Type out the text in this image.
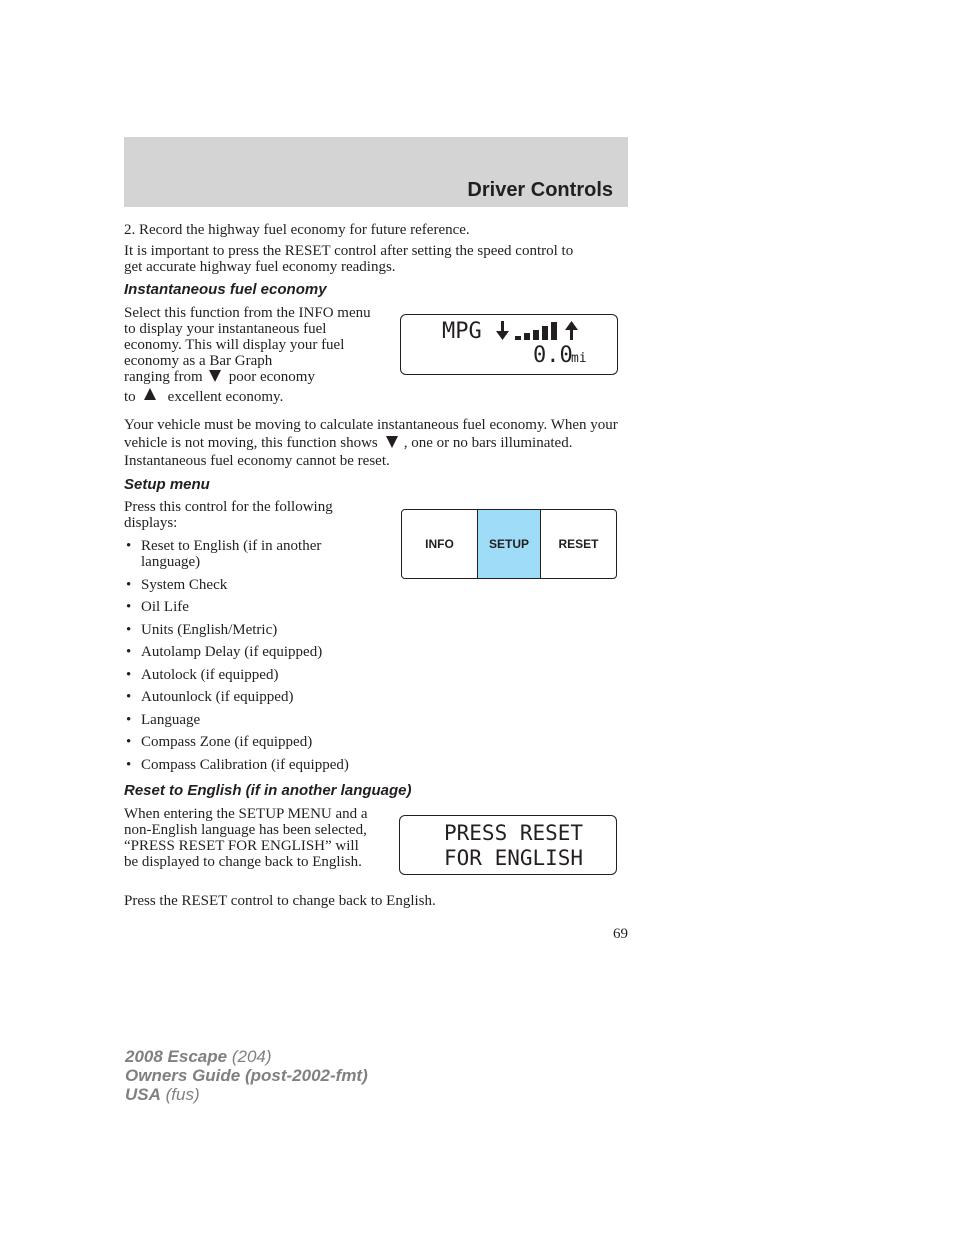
Driver Controls
2. Record the highway fuel economy for future reference.
It is important to press the RESET control after setting the speed control to get accurate highway fuel economy readings.
Instantaneous fuel economy
Select this function from the INFO menu to display your instantaneous fuel economy. This will display your fuel economy as a Bar Graph
ranging from poor economy
to excellent economy.
MPG
0.0
mi
Your vehicle must be moving to calculate instantaneous fuel economy. When your vehicle is not moving, this function shows , one or no bars illuminated. Instantaneous fuel economy cannot be reset.
Setup menu
Press this control for the following displays:
• Reset to English (if in another language)
• System Check
• Oil Life
• Units (English/Metric)
• Autolamp Delay (if equipped)
• Autolock (if equipped)
• Autounlock (if equipped)
• Language
• Compass Zone (if equipped)
• Compass Calibration (if equipped)
INFO	SETUP	RESET
Reset to English (if in another language)
When entering the SETUP MENU and a non-English language has been selected, “PRESS RESET FOR ENGLISH” will be displayed to change back to English.
PRESS RESET
FOR ENGLISH
Press the RESET control to change back to English.
69
2008 Escape (204)
Owners Guide (post-2002-fmt)
USA (fus)
